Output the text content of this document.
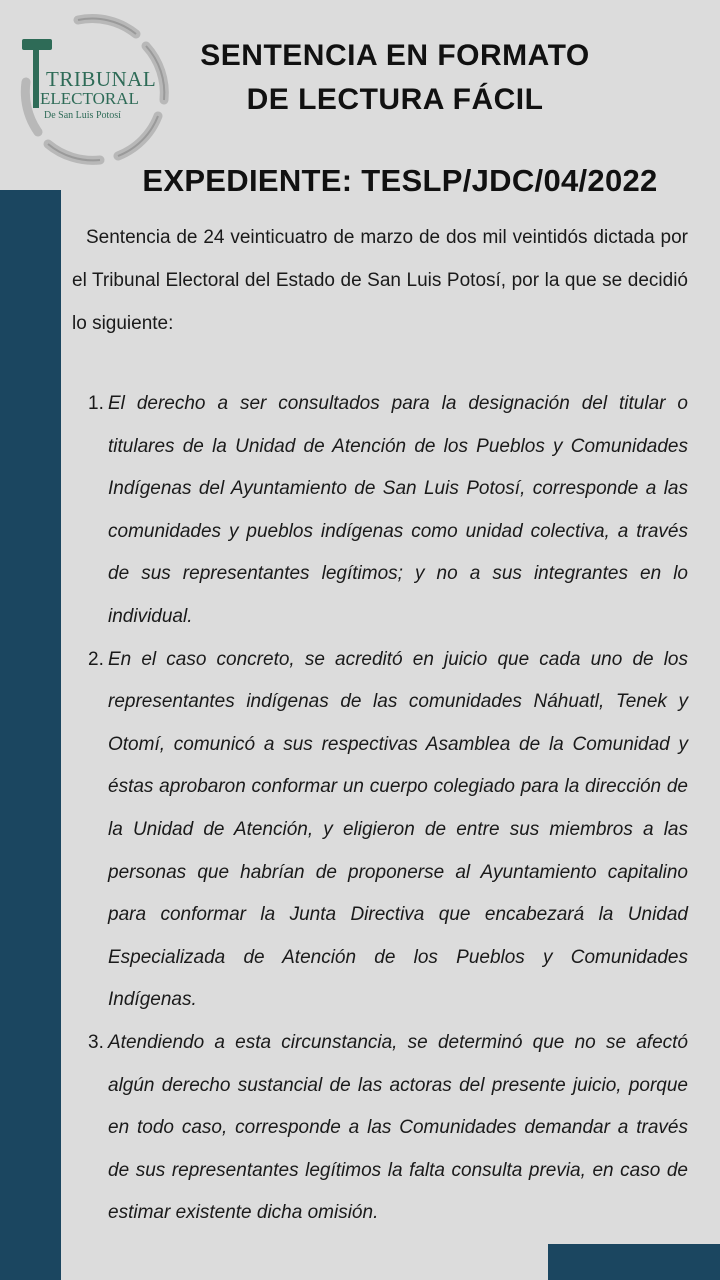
TRIBUNAL
ELECTORAL
De San Luis Potosí
SENTENCIA EN FORMATO
DE LECTURA FÁCIL
EXPEDIENTE: TESLP/JDC/04/2022
Sentencia de 24 veinticuatro de marzo de dos mil veintidós dictada por el Tribunal Electoral del Estado de San Luis Potosí, por la que se decidió lo siguiente:
1. El derecho a ser consultados para la designación del titular o titulares de la Unidad de Atención de los Pueblos y Comunidades Indígenas del Ayuntamiento de San Luis Potosí, corresponde a las comunidades y pueblos indígenas como unidad colectiva, a través de sus representantes legítimos; y no a sus integrantes en lo individual.
2. En el caso concreto, se acreditó en juicio que cada uno de los representantes indígenas de las comunidades Náhuatl, Tenek y Otomí, comunicó a sus respectivas Asamblea de la Comunidad y éstas aprobaron conformar un cuerpo colegiado para la dirección de la Unidad de Atención, y eligieron de entre sus miembros a las personas que habrían de proponerse al Ayuntamiento capitalino para conformar la Junta Directiva que encabezará la Unidad Especializada de Atención de los Pueblos y Comunidades Indígenas.
3. Atendiendo a esta circunstancia, se determinó que no se afectó algún derecho sustancial de las actoras del presente juicio, porque en todo caso, corresponde a las Comunidades demandar a través de sus representantes legítimos la falta consulta previa, en caso de estimar existente dicha omisión.
